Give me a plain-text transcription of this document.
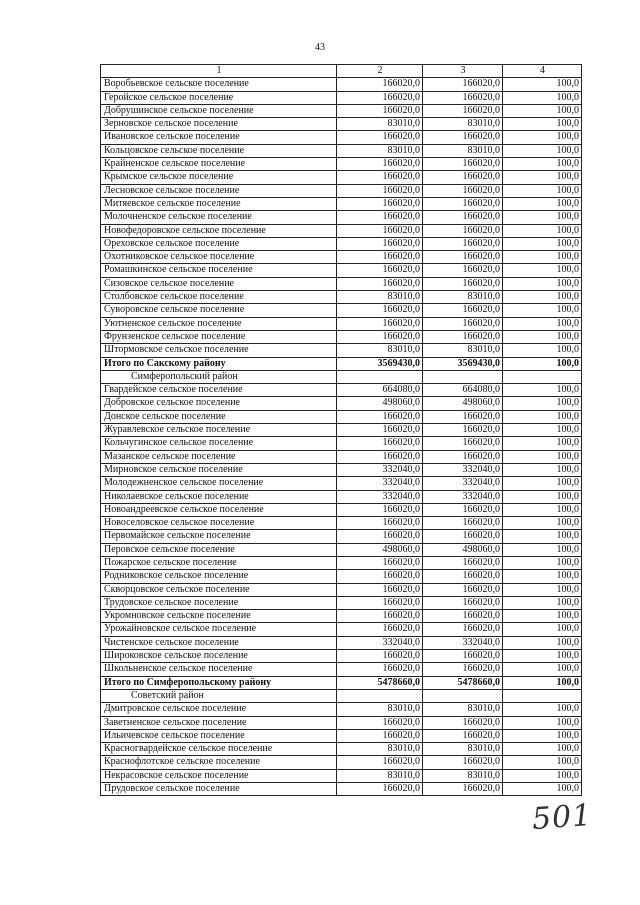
43
1	2	3	4
Воробьевское сельское поселение	166020,0	166020,0	100,0
Геройское сельское поселение	166020,0	166020,0	100,0
Добрушинское сельское поселение	166020,0	166020,0	100,0
Зерновское сельское поселение	83010,0	83010,0	100,0
Ивановское сельское поселение	166020,0	166020,0	100,0
Кольцовское сельское поселение	83010,0	83010,0	100,0
Крайненское сельское поселение	166020,0	166020,0	100,0
Крымское сельское поселение	166020,0	166020,0	100,0
Лесновское сельское поселение	166020,0	166020,0	100,0
Митяевское сельское поселение	166020,0	166020,0	100,0
Молочненское сельское поселение	166020,0	166020,0	100,0
Новофедоровское сельское поселение	166020,0	166020,0	100,0
Ореховское сельское поселение	166020,0	166020,0	100,0
Охотниковское сельское поселение	166020,0	166020,0	100,0
Ромашкинское сельское поселение	166020,0	166020,0	100,0
Сизовское сельское поселение	166020,0	166020,0	100,0
Столбовское сельское поселение	83010,0	83010,0	100,0
Суворовское сельское поселение	166020,0	166020,0	100,0
Уютненское сельское поселение	166020,0	166020,0	100,0
Фрунзенское сельское поселение	166020,0	166020,0	100,0
Штормовское сельское поселение	83010,0	83010,0	100,0
Итого по Сакскому району	3569430,0	3569430,0	100,0
Симферопольский район			
Гвардейское сельское поселение	664080,0	664080,0	100,0
Добровское сельское поселение	498060,0	498060,0	100,0
Донское сельское поселение	166020,0	166020,0	100,0
Журавлевское сельское поселение	166020,0	166020,0	100,0
Кольчугинское сельское поселение	166020,0	166020,0	100,0
Мазанское сельское поселение	166020,0	166020,0	100,0
Мирновское сельское поселение	332040,0	332040,0	100,0
Молодежненское сельское поселение	332040,0	332040,0	100,0
Николаевское сельское поселение	332040,0	332040,0	100,0
Новоандреевское сельское поселение	166020,0	166020,0	100,0
Новоселовское сельское поселение	166020,0	166020,0	100,0
Первомайское сельское поселение	166020,0	166020,0	100,0
Перовское сельское поселение	498060,0	498060,0	100,0
Пожарское сельское поселение	166020,0	166020,0	100,0
Родниковское сельское поселение	166020,0	166020,0	100,0
Скворцовское сельское поселение	166020,0	166020,0	100,0
Трудовское сельское поселение	166020,0	166020,0	100,0
Укромновское сельское поселение	166020,0	166020,0	100,0
Урожайновское сельское поселение	166020,0	166020,0	100,0
Чистенское сельское поселение	332040,0	332040,0	100,0
Широковское сельское поселение	166020,0	166020,0	100,0
Школьненское сельское поселение	166020,0	166020,0	100,0
Итого по Симферопольскому району	5478660,0	5478660,0	100,0
Советский район			
Дмитровское сельское поселение	83010,0	83010,0	100,0
Заветненское сельское поселение	166020,0	166020,0	100,0
Ильичевское сельское поселение	166020,0	166020,0	100,0
Красногвардейское сельское поселение	83010,0	83010,0	100,0
Краснофлотское сельское поселение	166020,0	166020,0	100,0
Некрасовское сельское поселение	83010,0	83010,0	100,0
Прудовское сельское поселение	166020,0	166020,0	100,0
501
